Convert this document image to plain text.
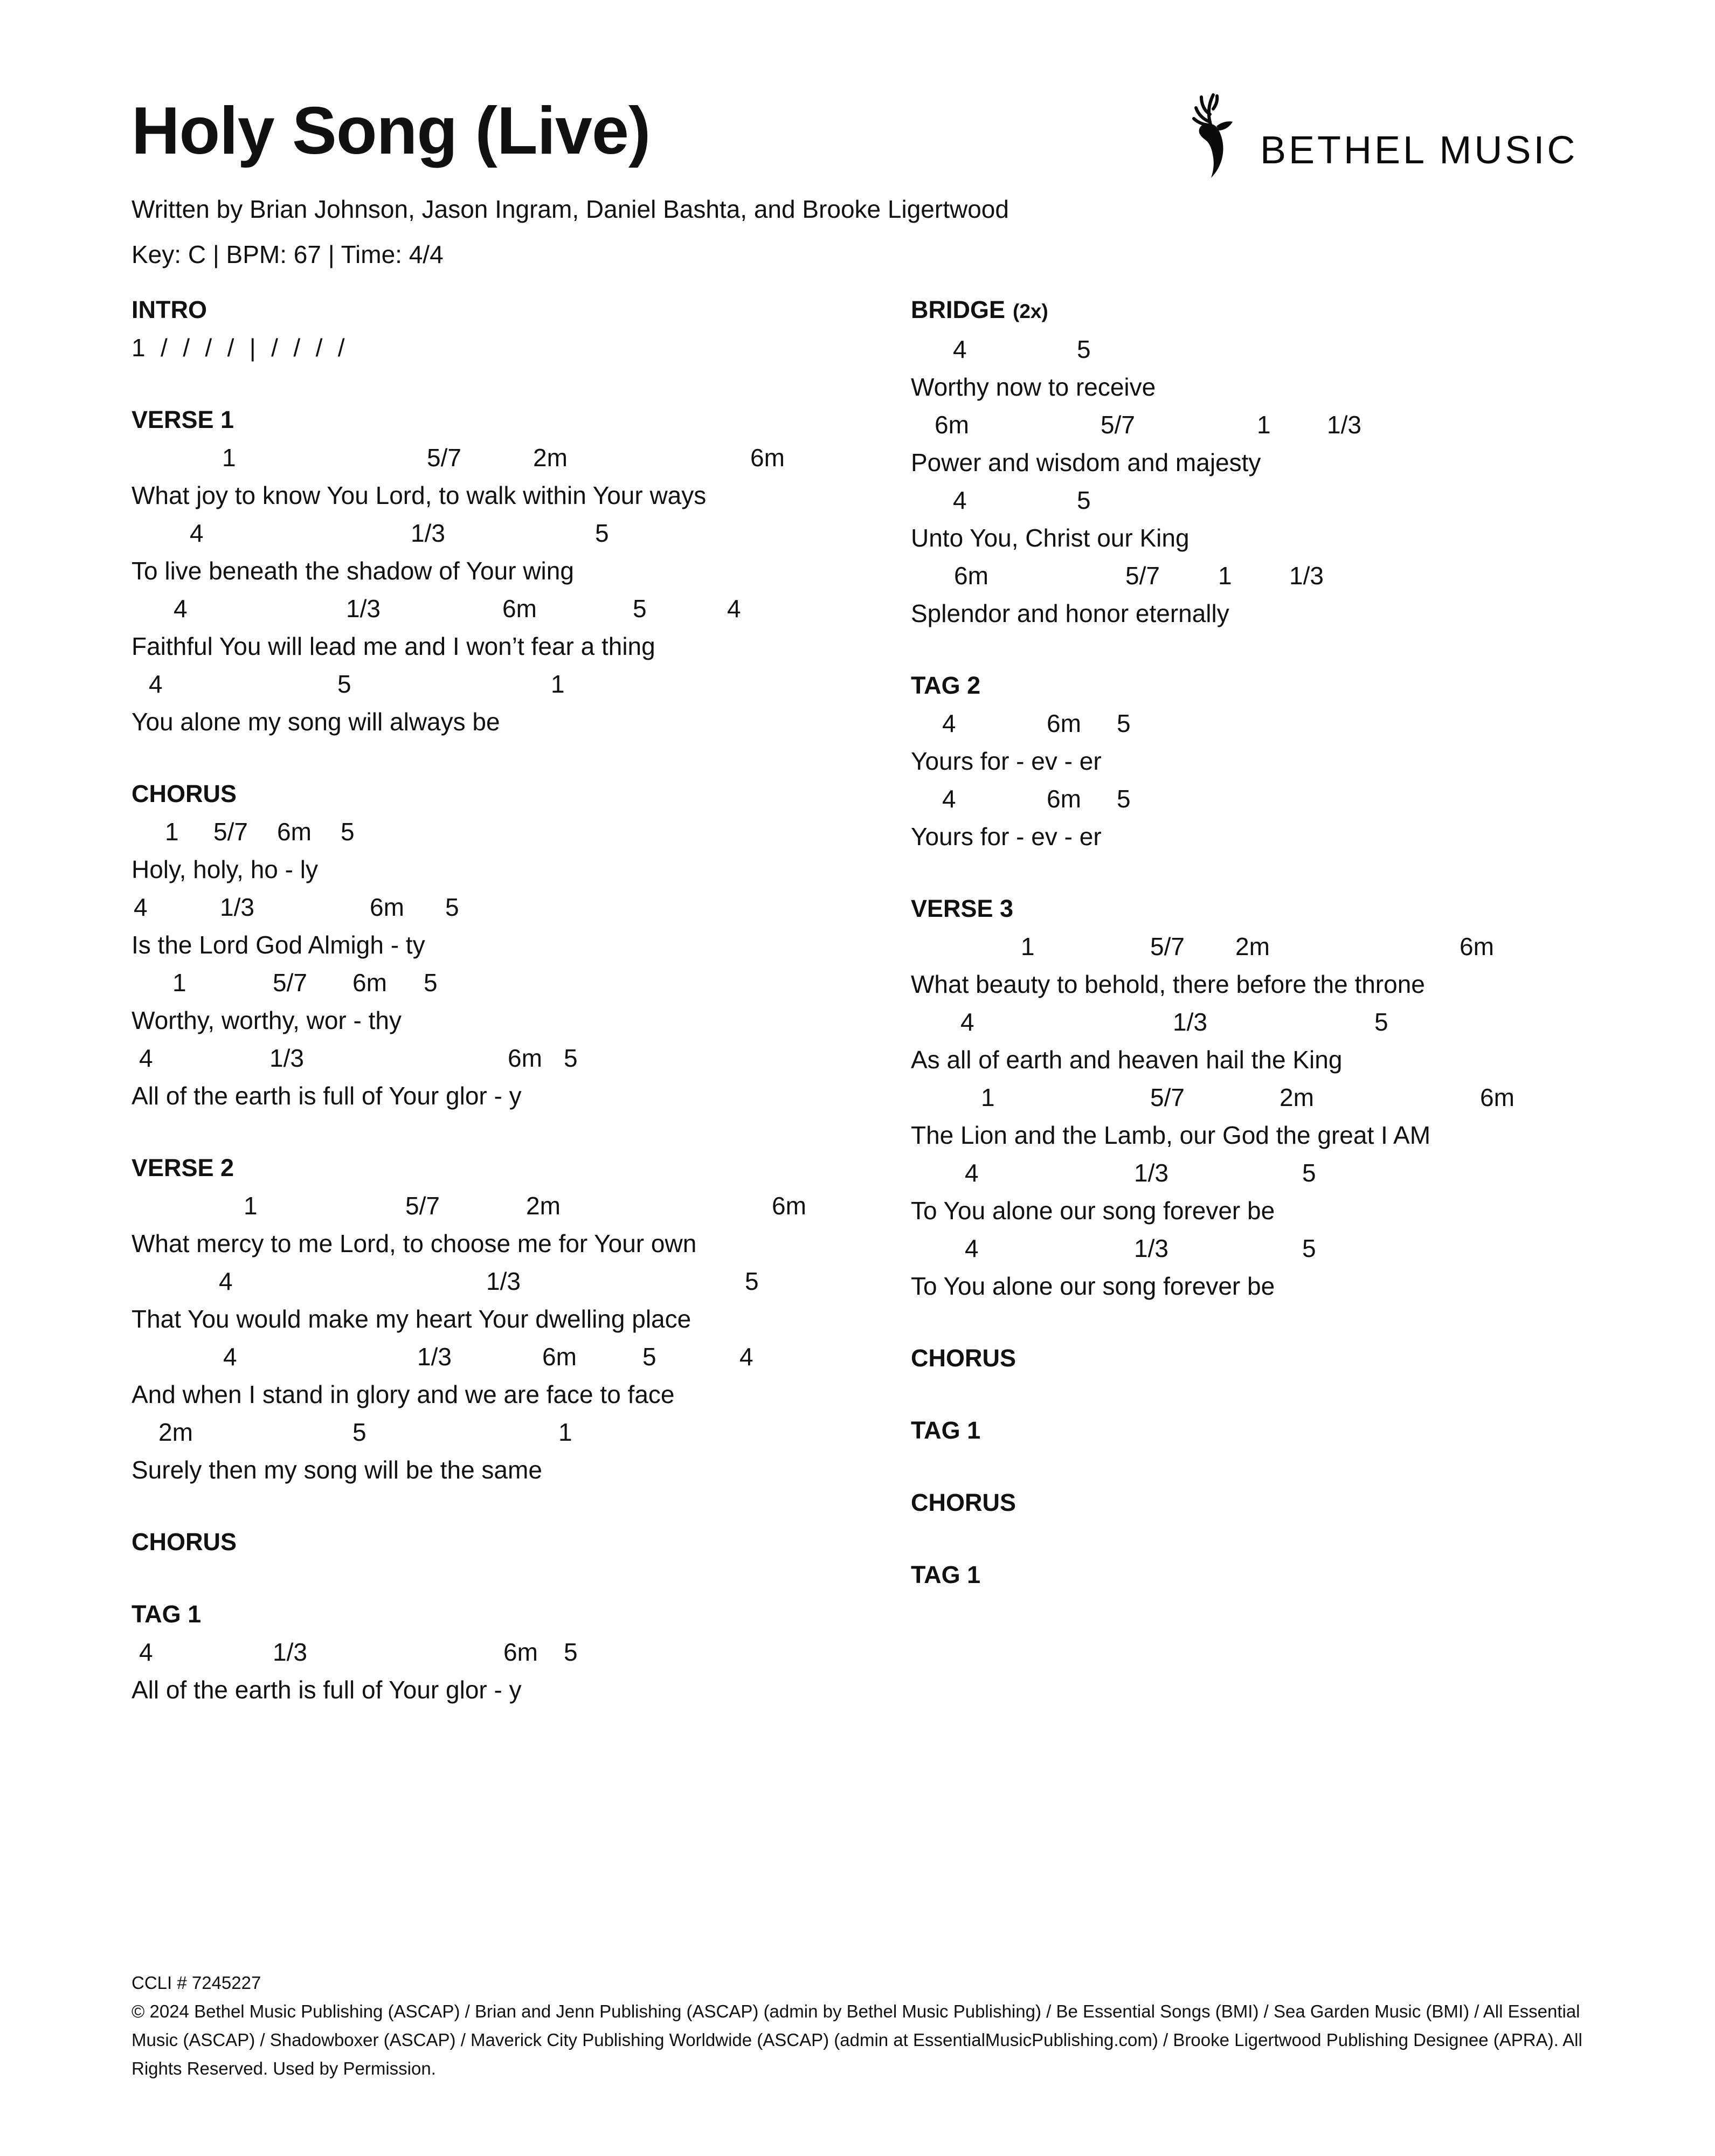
Holy Song (Live)	BETHEL MUSIC

Written by Brian Johnson, Jason Ingram, Daniel Bashta, and Brooke Ligertwood

Key: C | BPM: 67 | Time: 4/4

INTRO
1 / / / / | / / / /
VERSE 1
1	5/7	2m	6m
What joy to know You Lord, to walk within Your ways
4	1/3	5
To live beneath the shadow of Your wing
4	1/3	6m	5	4
Faithful You will lead me and I won’t fear a thing
4	5	1
You alone my song will always be
CHORUS
1 5/7 6m 5
Holy, holy, ho - ly
4	1/3	6m 5
Is the Lord God Almigh - ty
1	5/7 6m 5
Worthy, worthy, wor - thy
4	1/3	6m 5
All of the earth is full of Your glor - y
VERSE 2
1	5/7	2m	6m
What mercy to me Lord, to choose me for Your own
4	1/3	5
That You would make my heart Your dwelling place
4	1/3	6m	5	4
And when I stand in glory and we are face to face
2m	5	1
Surely then my song will be the same
CHORUS
TAG 1
4	1/3	6m 5
All of the earth is full of Your glor - y
BRIDGE (2x)
4	5
Worthy now to receive
6m	5/7	1 1/3
Power and wisdom and majesty
4	5
Unto You, Christ our King
6m	5/7 1 1/3
Splendor and honor eternally
TAG 2
4	6m 5
Yours for - ev - er
4	6m 5
Yours for - ev - er
VERSE 3
1	5/7 2m	6m
What beauty to behold, there before the throne
4	1/3	5
As all of earth and heaven hail the King
1	5/7	2m	6m
The Lion and the Lamb, our God the great I AM
4	1/3	5
To You alone our song forever be
4	1/3	5
To You alone our song forever be
CHORUS
TAG 1
CHORUS
TAG 1

CCLI # 7245227

© 2024 Bethel Music Publishing (ASCAP) / Brian and Jenn Publishing (ASCAP) (admin by Bethel Music Publishing) / Be Essential Songs (BMI) / Sea Garden Music (BMI) / All Essential Music (ASCAP) / Shadowboxer (ASCAP) / Maverick City Publishing Worldwide (ASCAP) (admin at EssentialMusicPublishing.com) / Brooke Ligertwood Publishing Designee (APRA). All Rights Reserved. Used by Permission.
